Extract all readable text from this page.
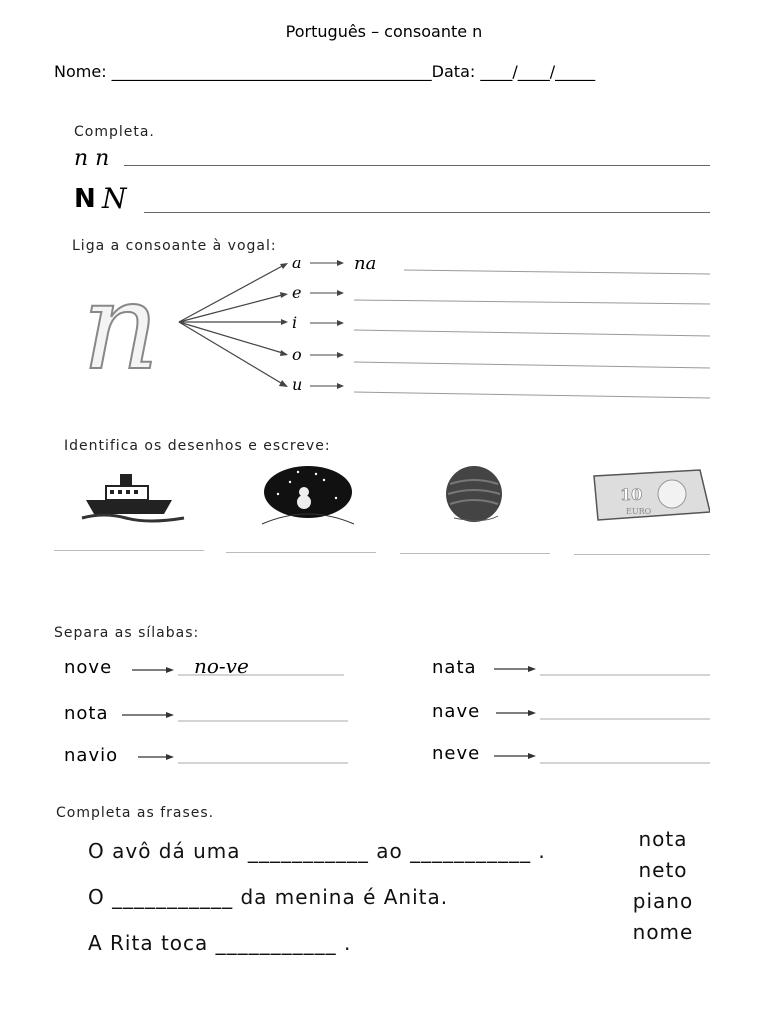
Português – consoante n
Nome: ________________________________________Data: ____/____/_____
Completa.
n n
N N
Liga a consoante à vogal:
n	a
e
i
o
u
na
Identifica os desenhos e escreve:
10
EURO
Separa as sílabas:
nove
nota
navio
no-ve	nata
nave
neve
Completa as frases.
O avô dá uma ___________ ao ___________ .
O ___________ da menina é Anita.
A Rita toca ___________ .
nota
neto
piano
nome
